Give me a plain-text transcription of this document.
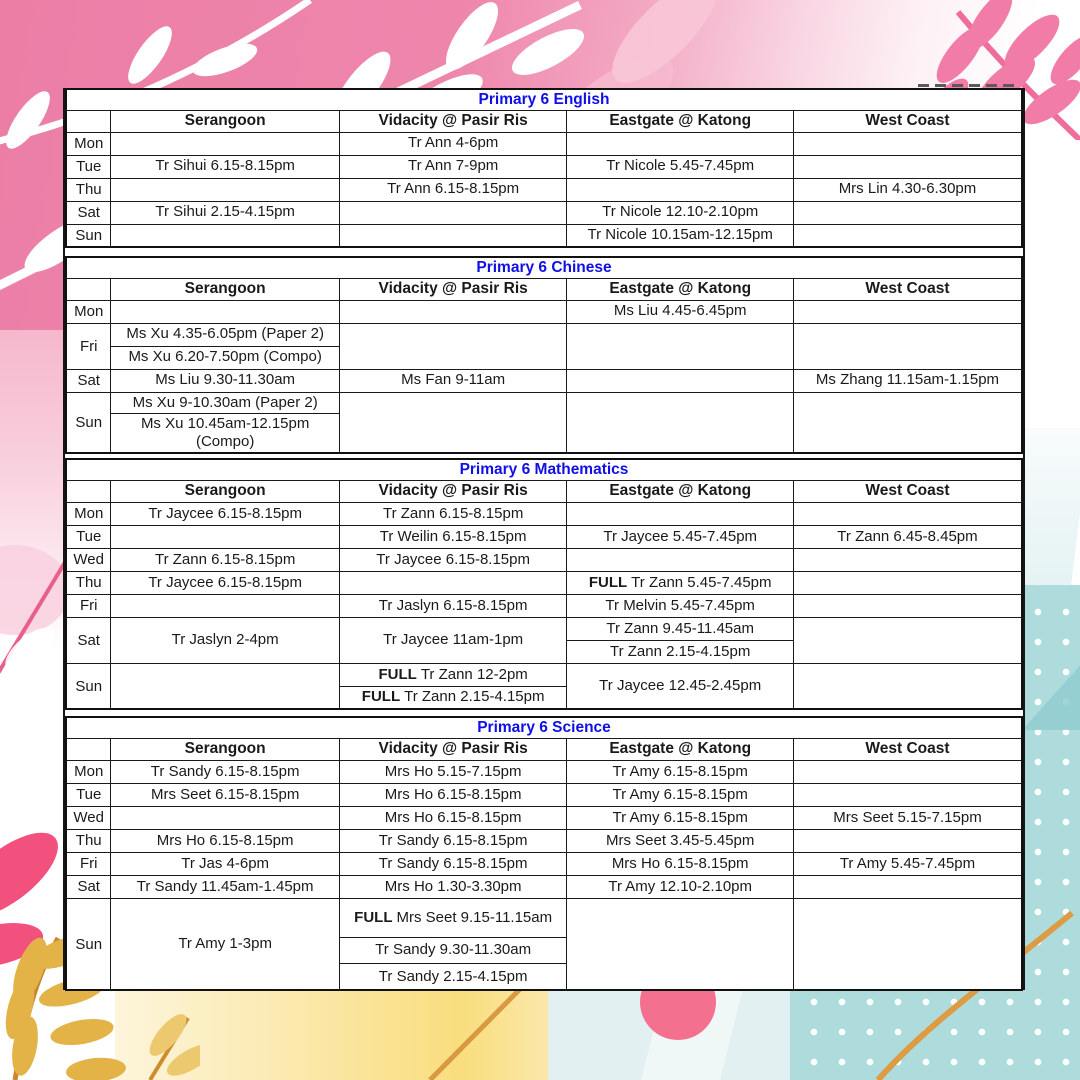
Primary 6 English				
	Serangoon	Vidacity @ Pasir Ris	Eastgate @ Katong	West Coast
Mon		Tr Ann 4-6pm		

Tue	Tr Sihui 6.15-8.15pm	Tr Ann 7-9pm	Tr Nicole 5.45-7.45pm	

Thu		Tr Ann 6.15-8.15pm		Mrs Lin 4.30-6.30pm

Sat	Tr Sihui 2.15-4.15pm		Tr Nicole 12.10-2.10pm	

Sun			Tr Nicole 10.15am-12.15pm	

Primary 6 Chinese				
	Serangoon	Vidacity @ Pasir Ris	Eastgate @ Katong	West Coast
Mon			Ms Liu 4.45-6.45pm	

Fri	Ms Xu 4.35-6.05pm (Paper 2)
Ms Xu 6.20-7.50pm (Compo)			

Sat	Ms Liu 9.30-11.30am	Ms Fan 9-11am		Ms Zhang 11.15am-1.15pm

Sun	Ms Xu 9-10.30am (Paper 2)
Ms Xu 10.45am-12.15pm (Compo)			

Primary 6 Mathematics				
	Serangoon	Vidacity @ Pasir Ris	Eastgate @ Katong	West Coast
Mon	Tr Jaycee 6.15-8.15pm	Tr Zann 6.15-8.15pm		

Tue		Tr Weilin 6.15-8.15pm	Tr Jaycee 5.45-7.45pm	Tr Zann 6.45-8.45pm

Wed	Tr Zann 6.15-8.15pm	Tr Jaycee 6.15-8.15pm		

Thu	Tr Jaycee 6.15-8.15pm		FULL Tr Zann 5.45-7.45pm	

Fri		Tr Jaslyn 6.15-8.15pm	Tr Melvin 5.45-7.45pm	

Sat	Tr Jaslyn 2-4pm	Tr Jaycee 11am-1pm	Tr Zann 9.45-11.45am
Tr Zann 2.15-4.15pm	

Sun		FULL Tr Zann 12-2pm
FULL Tr Zann 2.15-4.15pm	Tr Jaycee 12.45-2.45pm	

Primary 6 Science				
	Serangoon	Vidacity @ Pasir Ris	Eastgate @ Katong	West Coast
Mon	Tr Sandy 6.15-8.15pm	Mrs Ho 5.15-7.15pm	Tr Amy 6.15-8.15pm	

Tue	Mrs Seet 6.15-8.15pm	Mrs Ho 6.15-8.15pm	Tr Amy 6.15-8.15pm	

Wed		Mrs Ho 6.15-8.15pm	Tr Amy 6.15-8.15pm	Mrs Seet 5.15-7.15pm

Thu	Mrs Ho 6.15-8.15pm	Tr Sandy 6.15-8.15pm	Mrs Seet 3.45-5.45pm	

Fri	Tr Jas 4-6pm	Tr Sandy 6.15-8.15pm	Mrs Ho 6.15-8.15pm	Tr Amy 5.45-7.45pm

Sat	Tr Sandy 11.45am-1.45pm	Mrs Ho 1.30-3.30pm	Tr Amy 12.10-2.10pm	

Sun	Tr Amy 1-3pm	FULL Mrs Seet 9.15-11.15am
Tr Sandy 9.30-11.30am
Tr Sandy 2.15-4.15pm		
